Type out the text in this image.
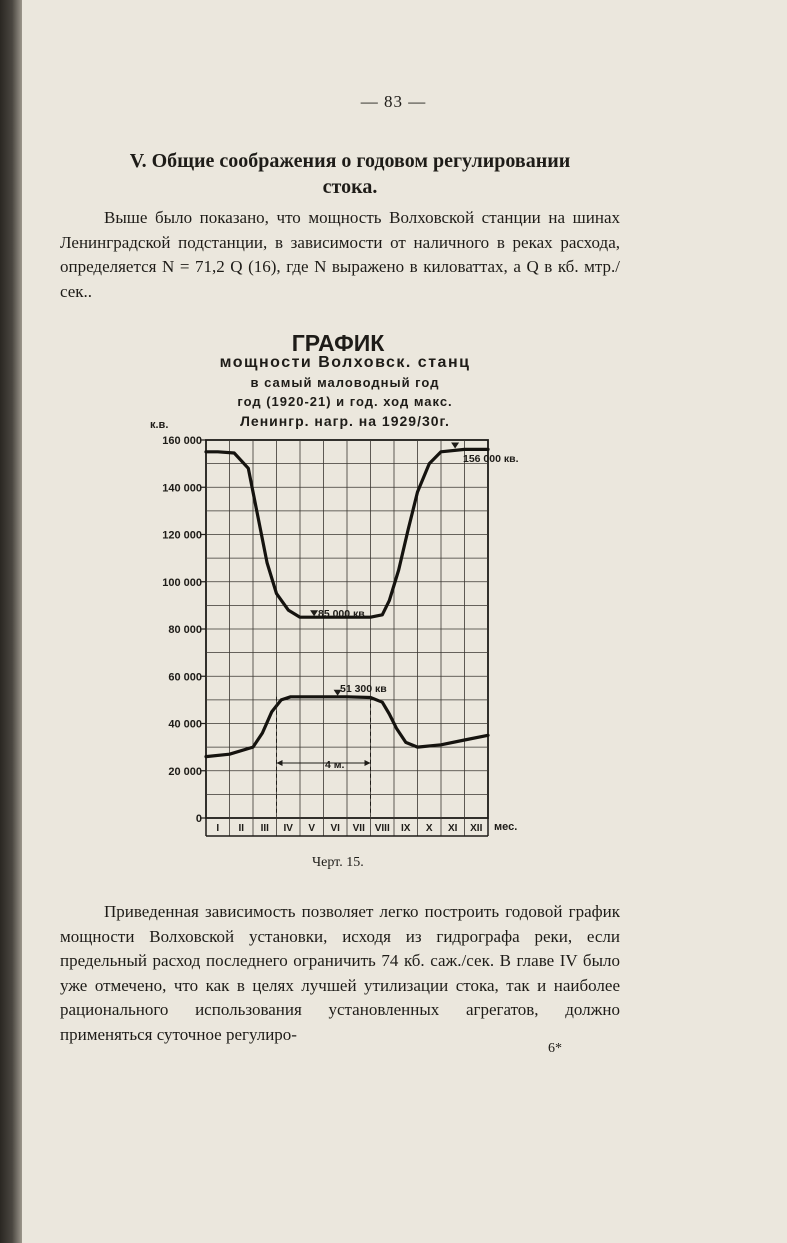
— 83 —
V. Общие соображения о годовом регулировании
стока.
Выше было показано, что мощность Волховской станции на шинах Ленинградской подстанции, в зависимости от наличного в реках расхода, определяется N = 71,2 Q (16), где N выражено в киловаттах, а Q в кб. мтр./сек..
ГРАФИК
мощности Волховск. станц
в самый маловодный год
год (1920-21) и год. ход макс.
Ленингр. нагр. на 1929/30г.
0
20 000
40 000
60 000
80 000
100 000
120 000
140 000
160 000
I II III IV V VI VII VIII IX X XI XII
к.в.
мес.
156 000 кв.
85 000 кв
51 300 кв
4 м.
Черт. 15.
Приведенная зависимость позволяет легко построить годовой график мощности Волховской установки, исходя из гидрографа реки, если предельный расход последнего ограничить 74 кб. саж./сек. В главе IV было уже отмечено, что как в целях лучшей утилизации стока, так и наиболее рационального использования установленных агрегатов, должно применяться суточное регулиро-
6*
